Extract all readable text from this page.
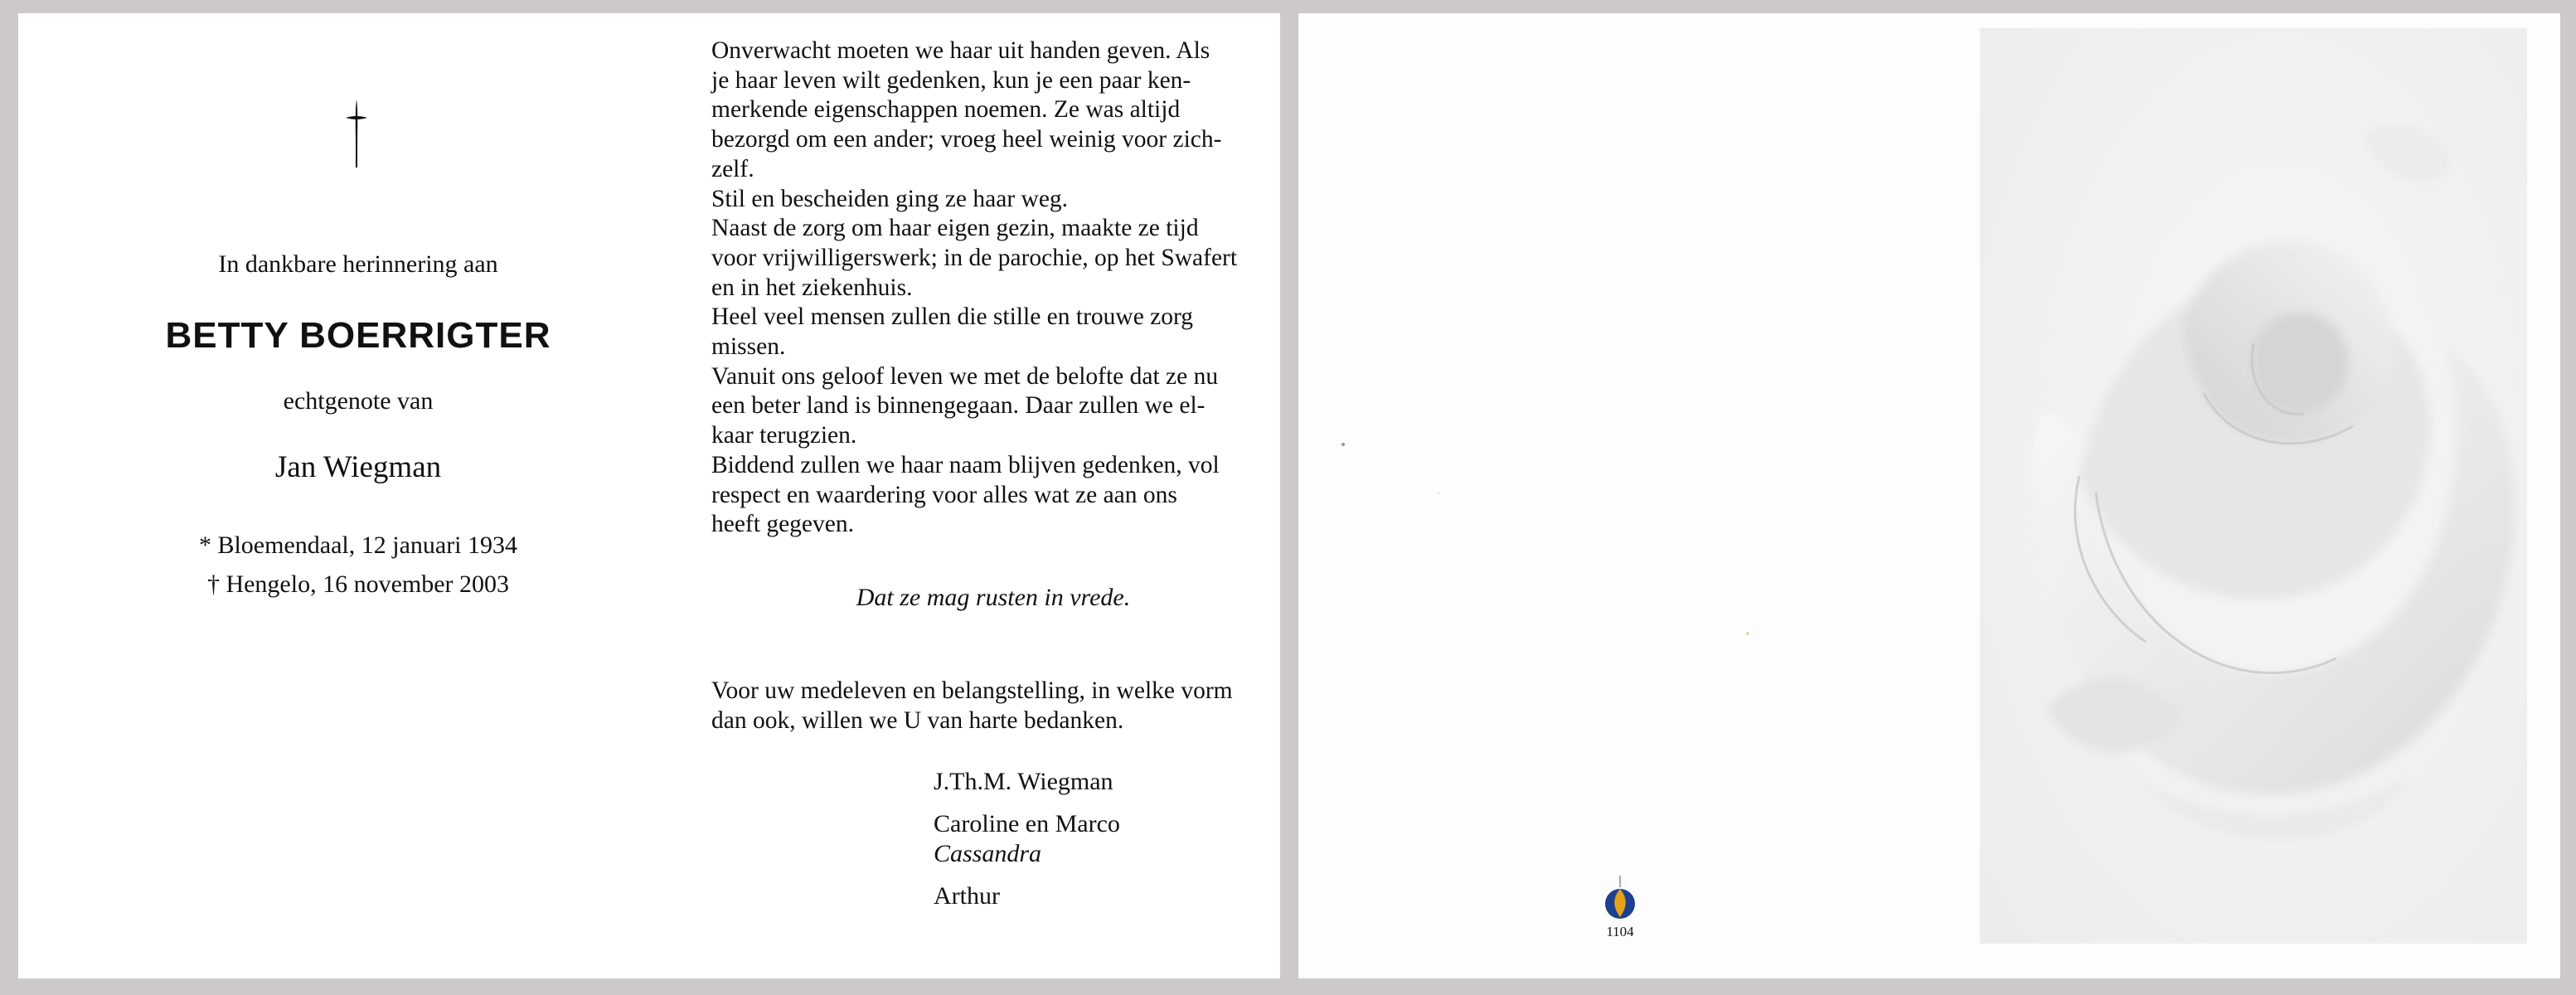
In dankbare herinnering aan
BETTY BOERRIGTER
echtgenote van
Jan Wiegman
* Bloemendaal, 12 januari 1934
† Hengelo, 16 november 2003

Onverwacht moeten we haar uit handen geven. Als

je haar leven wilt gedenken, kun je een paar ken-

merkende eigenschappen noemen. Ze was altijd

bezorgd om een ander; vroeg heel weinig voor zich-

zelf.

Stil en bescheiden ging ze haar weg.

Naast de zorg om haar eigen gezin, maakte ze tijd

voor vrijwilligerswerk; in de parochie, op het Swafert

en in het ziekenhuis.

Heel veel mensen zullen die stille en trouwe zorg

missen.

Vanuit ons geloof leven we met de belofte dat ze nu

een beter land is binnengegaan. Daar zullen we el-

kaar terugzien.

Biddend zullen we haar naam blijven gedenken, vol

respect en waardering voor alles wat ze aan ons

heeft gegeven.

Dat ze mag rusten in vrede.

Voor uw medeleven en belangstelling, in welke vorm

dan ook, willen we U van harte bedanken.

J.Th.M. Wiegman
Caroline en Marco
Cassandra
Arthur
1104
